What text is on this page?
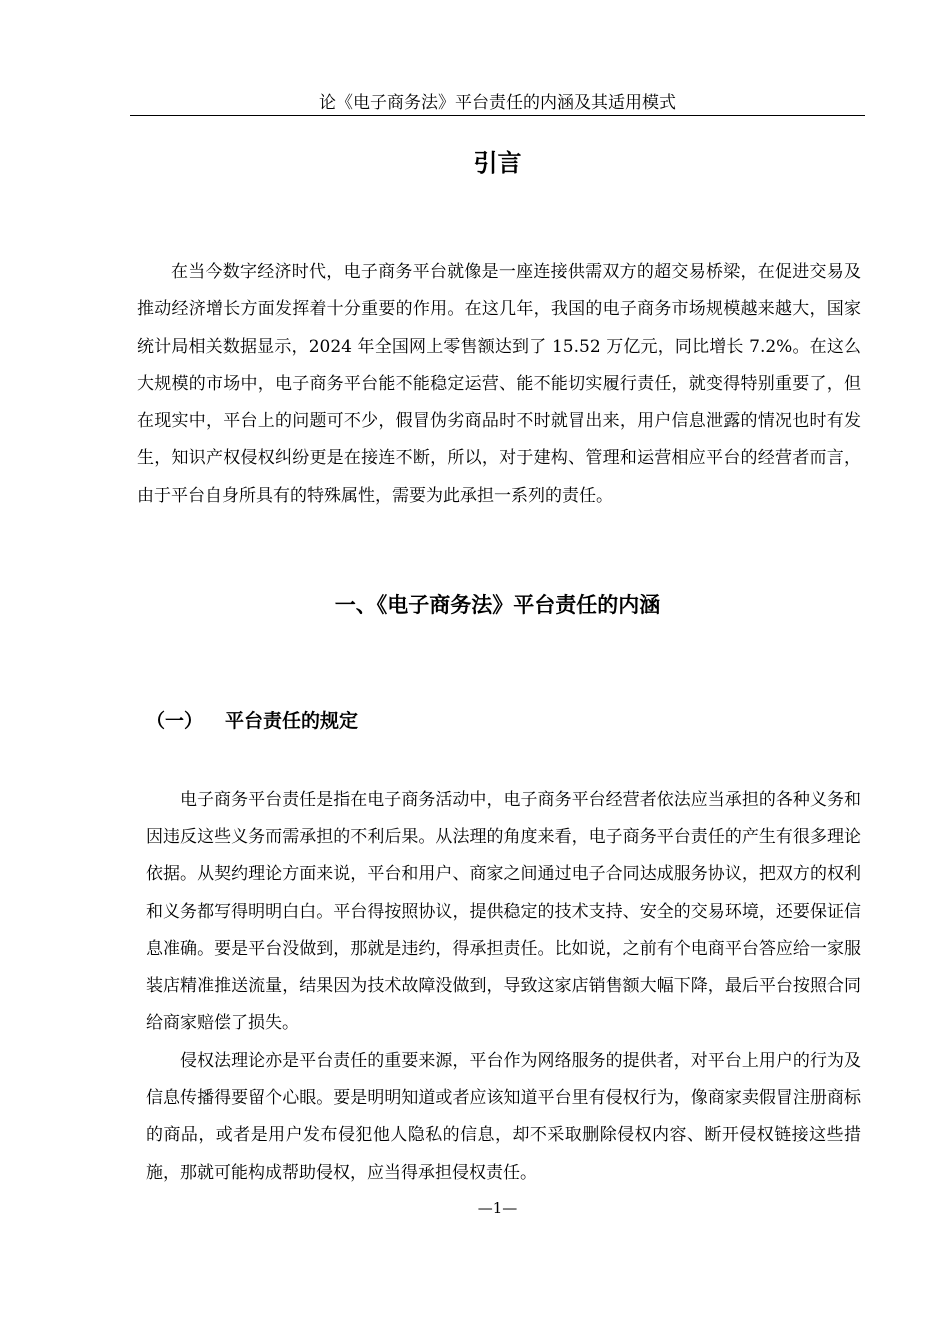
论《电子商务法》平台责任的内涵及其适用模式
引言

在当今数字经济时代，电子商务平台就像是一座连接供需双方的超交易桥梁，在促进交易及推动经济增长方面发挥着十分重要的作用。在这几年，我国的电子商务市场规模越来越大，国家统计局相关数据显示，2024 年全国网上零售额达到了 15.52 万亿元，同比增长 7.2%。在这么大规模的市场中，电子商务平台能不能稳定运营、能不能切实履行责任，就变得特别重要了，但在现实中，平台上的问题可不少，假冒伪劣商品时不时就冒出来，用户信息泄露的情况也时有发生，知识产权侵权纠纷更是在接连不断，所以，对于建构、管理和运营相应平台的经营者而言，由于平台自身所具有的特殊属性，需要为此承担一系列的责任。

一、《电子商务法》平台责任的内涵
（一） 平台责任的规定

电子商务平台责任是指在电子商务活动中，电子商务平台经营者依法应当承担的各种义务和因违反这些义务而需承担的不利后果。从法理的角度来看，电子商务平台责任的产生有很多理论依据。从契约理论方面来说，平台和用户、商家之间通过电子合同达成服务协议，把双方的权利和义务都写得明明白白。平台得按照协议，提供稳定的技术支持、安全的交易环境，还要保证信息准确。要是平台没做到，那就是违约，得承担责任。比如说，之前有个电商平台答应给一家服装店精准推送流量，结果因为技术故障没做到，导致这家店销售额大幅下降，最后平台按照合同给商家赔偿了损失。

侵权法理论亦是平台责任的重要来源，平台作为网络服务的提供者，对平台上用户的行为及信息传播得要留个心眼。要是明明知道或者应该知道平台里有侵权行为，像商家卖假冒注册商标的商品，或者是用户发布侵犯他人隐私的信息，却不采取删除侵权内容、断开侵权链接这些措施，那就可能构成帮助侵权，应当得承担侵权责任。

—1—
